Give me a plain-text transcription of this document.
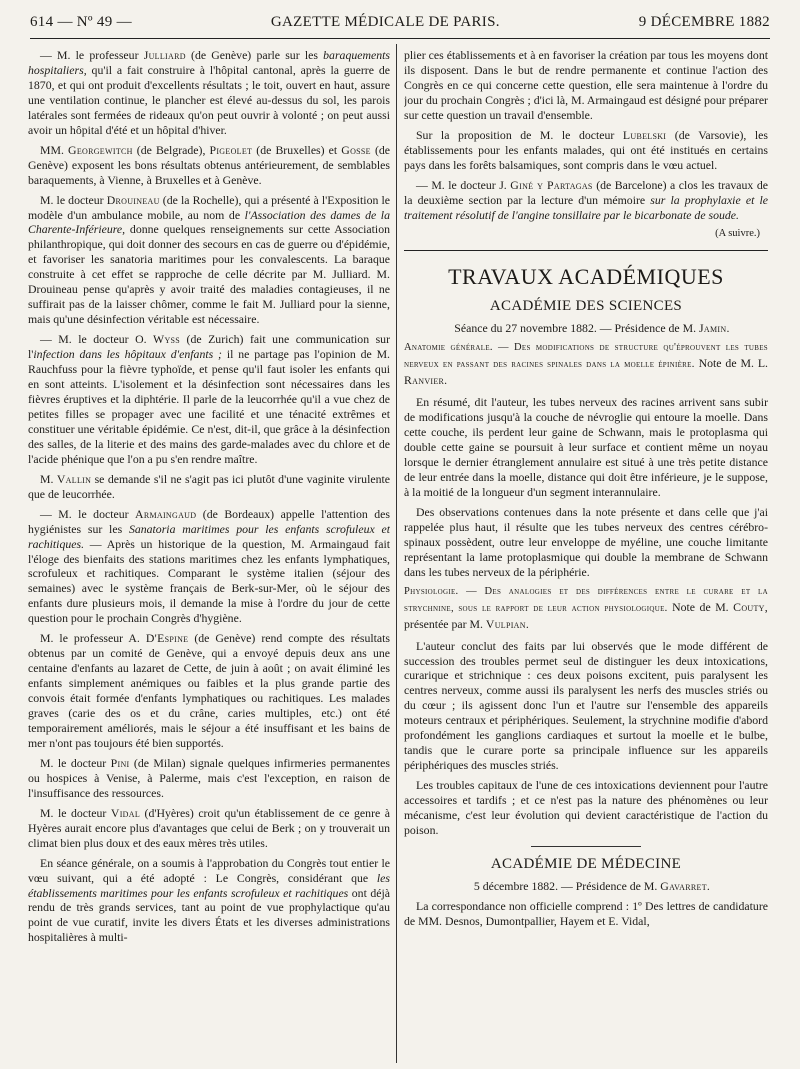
614 — Nº 49 —	GAZETTE MÉDICALE DE PARIS.	9 DÉCEMBRE 1882

— M. le professeur Julliard (de Genève) parle sur les baraquements hospitaliers, qu'il a fait construire à l'hôpital cantonal, après la guerre de 1870, et qui ont produit d'excellents résultats ; le toit, ouvert en haut, assure une ventilation continue, le plancher est élevé au-dessus du sol, les parois latérales sont fermées de rideaux qu'on peut ouvrir à volonté ; on peut aussi avoir un hôpital d'été et un hôpital d'hiver.

MM. Georgewitch (de Belgrade), Pigeolet (de Bruxelles) et Gosse (de Genève) exposent les bons résultats obtenus antérieurement, de semblables baraquements, à Vienne, à Bruxelles et à Genève.

M. le docteur Drouineau (de la Rochelle), qui a présenté à l'Exposition le modèle d'un ambulance mobile, au nom de l'Association des dames de la Charente-Inférieure, donne quelques renseignements sur cette Association philanthropique, qui doit donner des secours en cas de guerre ou d'épidémie, et favoriser les sanatoria maritimes pour les convalescents. La baraque construite à cet effet se rapproche de celle décrite par M. Julliard. M. Drouineau pense qu'après y avoir traité des maladies contagieuses, il ne suffirait pas de la laisser chômer, comme le fait M. Julliard pour la sienne, mais qu'une désinfection véritable est nécessaire.

— M. le docteur O. Wyss (de Zurich) fait une communication sur l'infection dans les hôpitaux d'enfants ; il ne partage pas l'opinion de M. Rauchfuss pour la fièvre typhoïde, et pense qu'il faut isoler les enfants qui en sont atteints. L'isolement et la désinfection sont nécessaires dans les fièvres éruptives et la diphtérie. Il parle de la leucorrhée qu'il a vue chez de petites filles se propager avec une facilité et une ténacité extrêmes et constituer une véritable épidémie. Ce n'est, dit-il, que grâce à la désinfection des salles, de la literie et des mains des garde-malades avec du chlore et de l'acide phénique que l'on a pu s'en rendre maître.

M. Vallin se demande s'il ne s'agit pas ici plutôt d'une vaginite virulente que de leucorrhée.

— M. le docteur Armaingaud (de Bordeaux) appelle l'attention des hygiénistes sur les Sanatoria maritimes pour les enfants scrofuleux et rachitiques. — Après un historique de la question, M. Armaingaud fait l'éloge des bienfaits des stations maritimes chez les enfants lymphatiques, scrofuleux et rachitiques. Comparant le système italien (séjour des semaines) avec le système français de Berk-sur-Mer, où le séjour des enfants dure plusieurs mois, il demande la mise à l'ordre du jour de cette question pour le prochain Congrès d'hygiène.

M. le professeur A. D'Espine (de Genève) rend compte des résultats obtenus par un comité de Genève, qui a envoyé depuis deux ans une centaine d'enfants au lazaret de Cette, de juin à août ; on avait éliminé les enfants simplement anémiques ou faibles et la plus grande partie des convois était formée d'enfants lymphatiques ou rachitiques. Les malades graves (carie des os et du crâne, caries multiples, etc.) ont été temporairement améliorés, mais le séjour a été insuffisant et les bains de mer n'ont pas toujours été bien supportés.

M. le docteur Pini (de Milan) signale quelques infirmeries permanentes ou hospices à Venise, à Palerme, mais c'est l'exception, en raison de l'insuffisance des ressources.

M. le docteur Vidal (d'Hyères) croit qu'un établissement de ce genre à Hyères aurait encore plus d'avantages que celui de Berk ; on y trouverait un climat bien plus doux et des eaux mères très utiles.

En séance générale, on a soumis à l'approbation du Congrès tout entier le vœu suivant, qui a été adopté : Le Congrès, considérant que les établissements maritimes pour les enfants scrofuleux et rachitiques ont déjà rendu de très grands services, tant au point de vue prophylactique qu'au point de vue curatif, invite les divers États et les diverses administrations hospitalières à multi-

plier ces établissements et à en favoriser la création par tous les moyens dont ils disposent. Dans le but de rendre permanente et continue l'action des Congrès en ce qui concerne cette question, elle sera maintenue à l'ordre du jour du prochain Congrès ; d'ici là, M. Armaingaud est désigné pour préparer sur cette question un travail d'ensemble.

Sur la proposition de M. le docteur Lubelski (de Varsovie), les établissements pour les enfants malades, qui ont été institués en certains pays dans les forêts balsamiques, sont compris dans le vœu actuel.

— M. le docteur J. Giné y Partagas (de Barcelone) a clos les travaux de la deuxième section par la lecture d'un mémoire sur la prophylaxie et le traitement résolutif de l'angine tonsillaire par le bicarbonate de soude.

(A suivre.)
TRAVAUX ACADÉMIQUES
ACADÉMIE DES SCIENCES

Séance du 27 novembre 1882. — Présidence de M. Jamin.

Anatomie générale. — Des modifications de structure qu'éprouvent les tubes nerveux en passant des racines spinales dans la moelle épinière. Note de M. L. Ranvier.

En résumé, dit l'auteur, les tubes nerveux des racines arrivent sans subir de modifications jusqu'à la couche de névroglie qui entoure la moelle. Dans cette couche, ils perdent leur gaine de Schwann, mais le protoplasma qui double cette gaine se poursuit à leur surface et contient même un noyau lorsque le dernier étranglement annulaire est situé à une très petite distance de leur entrée dans la moelle, distance qui doit être inférieure, je le suppose, à la moitié de la longueur d'un segment interannulaire.

Des observations contenues dans la note présente et dans celle que j'ai rappelée plus haut, il résulte que les tubes nerveux des centres cérébro-spinaux possèdent, outre leur enveloppe de myéline, une couche limitante représentant la lame protoplasmique qui double la membrane de Schwann dans les tubes nerveux de la périphérie.

Physiologie. — Des analogies et des différences entre le curare et la strychnine, sous le rapport de leur action physiologique. Note de M. Couty, présentée par M. Vulpian.

L'auteur conclut des faits par lui observés que le mode différent de succession des troubles permet seul de distinguer les deux intoxications, curarique et strichnique : ces deux poisons excitent, puis paralysent les centres nerveux, comme aussi ils paralysent les nerfs des muscles striés ou du cœur ; ils agissent donc l'un et l'autre sur l'ensemble des appareils moteurs centraux et périphériques. Seulement, la strychnine modifie d'abord profondément les ganglions cardiaques et surtout la moelle et le bulbe, tandis que le curare porte sa principale influence sur les appareils périphériques des muscles striés.

Les troubles capitaux de l'une de ces intoxications deviennent pour l'autre accessoires et tardifs ; et ce n'est pas la nature des phénomènes ou leur mécanisme, c'est leur évolution qui devient caractéristique de l'action du poison.

ACADÉMIE DE MÉDECINE

5 décembre 1882. — Présidence de M. Gavarret.

La correspondance non officielle comprend : 1º Des lettres de candidature de MM. Desnos, Dumontpallier, Hayem et E. Vidal,
